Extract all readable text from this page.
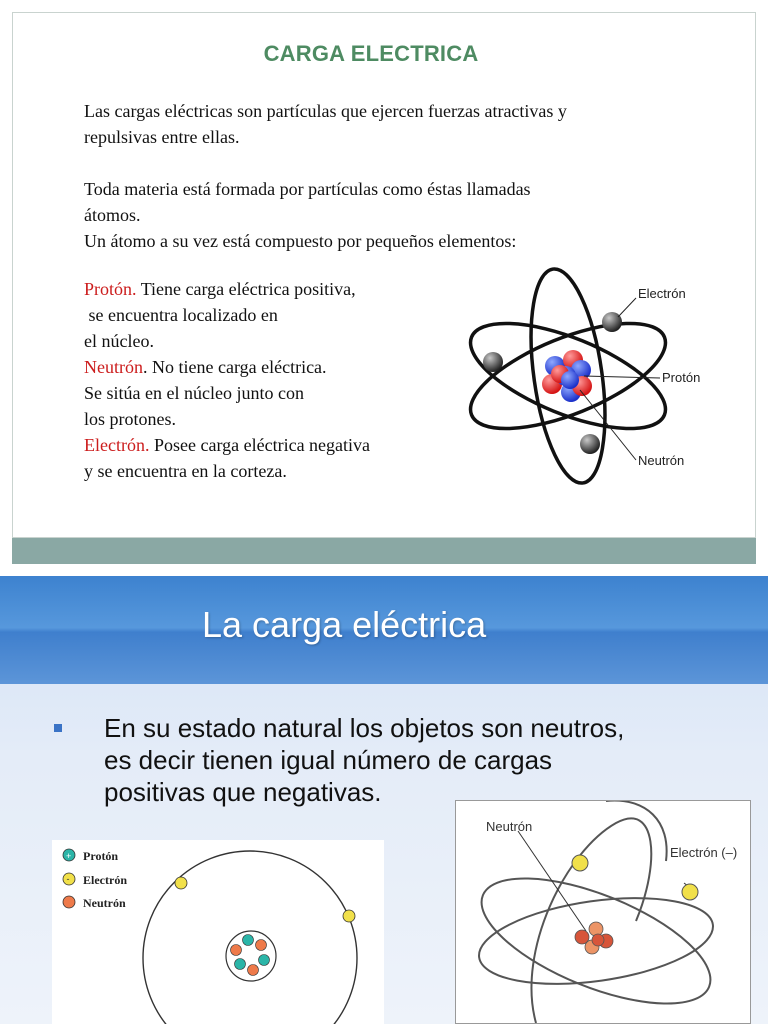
CARGA ELECTRICA
Las cargas eléctricas son partículas que ejercen fuerzas atractivas y
repulsivas entre ellas.
Toda materia está formada por partículas como éstas llamadas
átomos.
Un átomo a su vez está compuesto por pequeños elementos:
Protón. Tiene carga eléctrica positiva,
se encuentra localizado en
el núcleo.
Neutrón. No tiene carga eléctrica.
Se sitúa en el núcleo junto con
los protones.
Electrón. Posee carga eléctrica negativa
y se encuentra en la corteza.
Electrón
Protón
Neutrón
La carga eléctrica
En su estado natural los objetos son neutros,
es decir tienen igual número de cargas
positivas que negativas.
+ Protón
- Electrón
Neutrón
Neutrón
Electrón (–)
